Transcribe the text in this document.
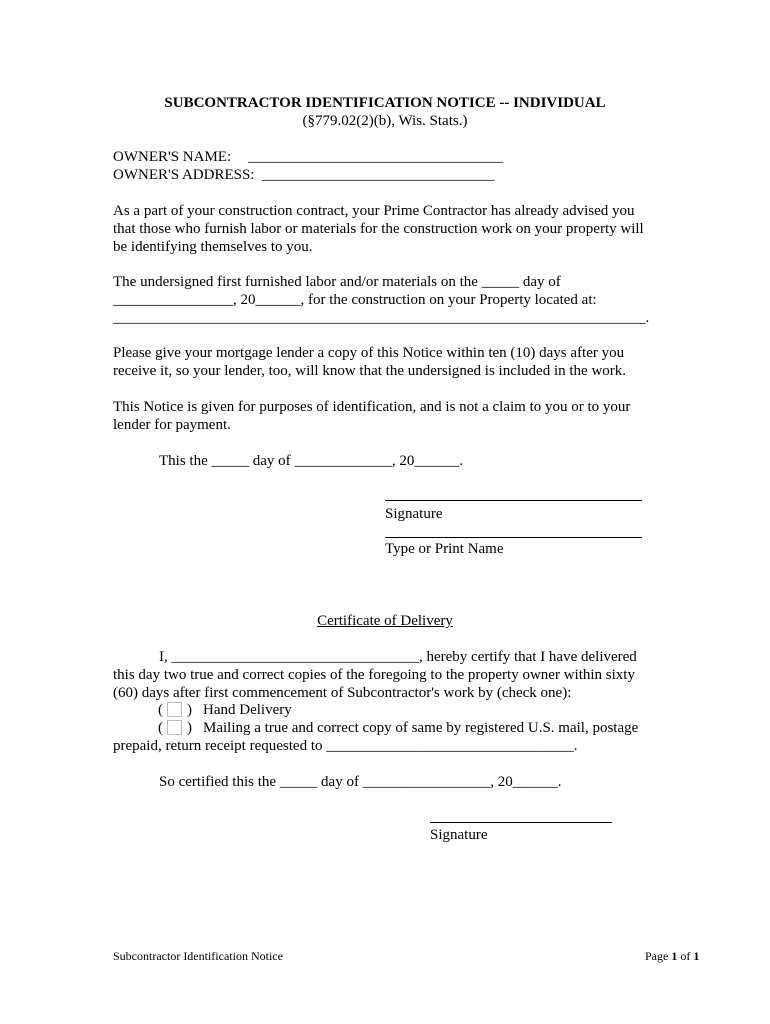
SUBCONTRACTOR IDENTIFICATION NOTICE -- INDIVIDUAL
(§779.02(2)(b), Wis. Stats.)
OWNER'S NAME: __________________________________
OWNER'S ADDRESS: _______________________________
As a part of your construction contract, your Prime Contractor has already advised you
that those who furnish labor or materials for the construction work on your property will
be identifying themselves to you.
The undersigned first furnished labor and/or materials on the _____ day of
________________, 20______, for the construction on your Property located at:
_______________________________________________________________________.
Please give your mortgage lender a copy of this Notice within ten (10) days after you
receive it, so your lender, too, will know that the undersigned is included in the work.
This Notice is given for purposes of identification, and is not a claim to you or to your
lender for payment.
This the _____ day of _____________, 20______.
Signature
Type or Print Name
Certificate of Delivery
I, _________________________________, hereby certify that I have delivered
this day two true and correct copies of the foregoing to the property owner within sixty
(60) days after first commencement of Subcontractor's work by (check one):
( ) Hand Delivery
( ) Mailing a true and correct copy of same by registered U.S. mail, postage
prepaid, return receipt requested to _________________________________.
So certified this the _____ day of _________________, 20______.
Signature
Subcontractor Identification Notice	Page 1 of 1
